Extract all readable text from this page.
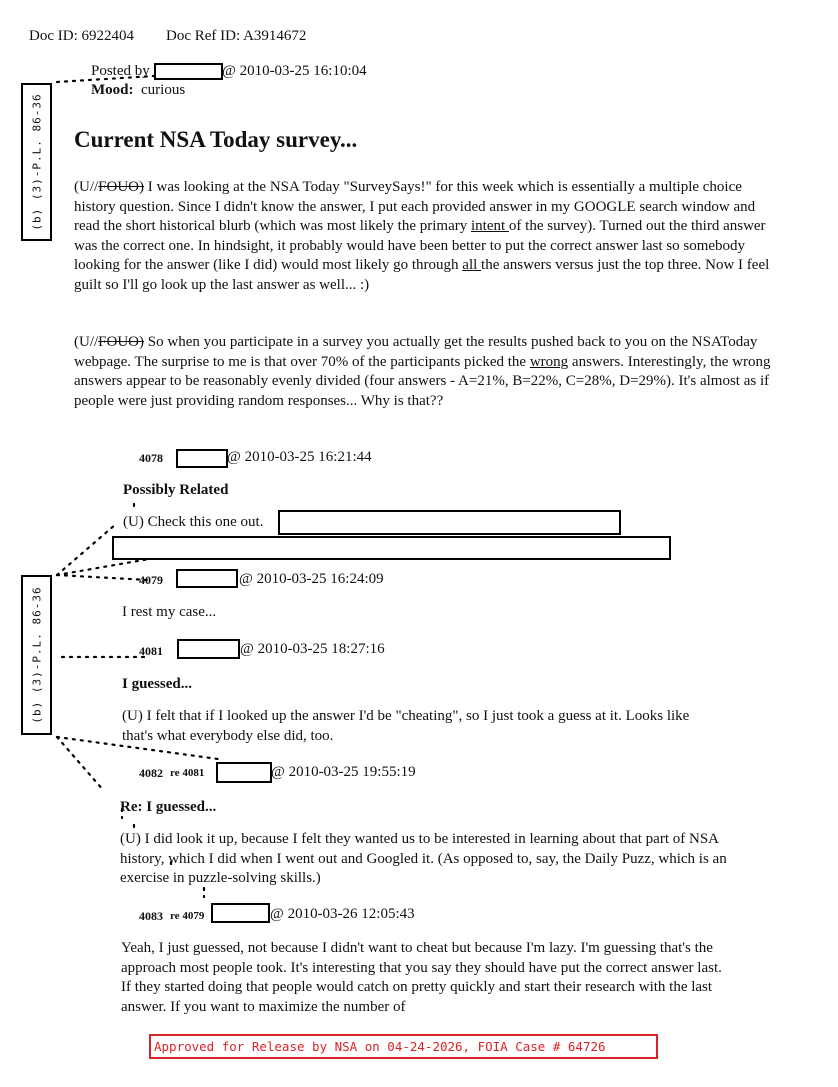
Doc ID: 6922404 Doc Ref ID: A3914672
(b) (3)-P.L. 86-36
(b) (3)-P.L. 86-36
Posted by	@ 2010-03-25 16:10:04
Mood: curious
Current NSA Today survey...
(U//FOUO) I was looking at the NSA Today "SurveySays!" for this week which is essentially a multiple choice history question. Since I didn't know the answer, I put each provided answer in my GOOGLE search window and read the short historical blurb (which was most likely the primary intent of the survey). Turned out the third answer was the correct one. In hindsight, it probably would have been better to put the correct answer last so somebody looking for the answer (like I did) would most likely go through all the answers versus just the top three. Now I feel guilt so I'll go look up the last answer as well... :)
(U//FOUO) So when you participate in a survey you actually get the results pushed back to you on the NSAToday webpage. The surprise to me is that over 70% of the participants picked the wrong answers. Interestingly, the wrong answers appear to be reasonably evenly divided (four answers - A=21%, B=22%, C=28%, D=29%). It's almost as if people were just providing random responses... Why is that??
4078	@ 2010-03-25 16:21:44
Possibly Related
(U) Check this one out.
4079	@ 2010-03-25 16:24:09
I rest my case...
4081	@ 2010-03-25 18:27:16
I guessed...
(U) I felt that if I looked up the answer I'd be "cheating", so I just took a guess at it. Looks like that's what everybody else did, too.
4082 re 4081	@ 2010-03-25 19:55:19
Re: I guessed...
(U) I did look it up, because I felt they wanted us to be interested in learning about that part of NSA history, which I did when I went out and Googled it. (As opposed to, say, the Daily Puzz, which is an exercise in puzzle-solving skills.)
4083 re 4079	@ 2010-03-26 12:05:43
Yeah, I just guessed, not because I didn't want to cheat but because I'm lazy. I'm guessing that's the approach most people took. It's interesting that you say they should have put the correct answer last. If they started doing that people would catch on pretty quickly and start their research with the last answer. If you want to maximize the number of
Approved for Release by NSA on 04-24-2026, FOIA Case # 64726
